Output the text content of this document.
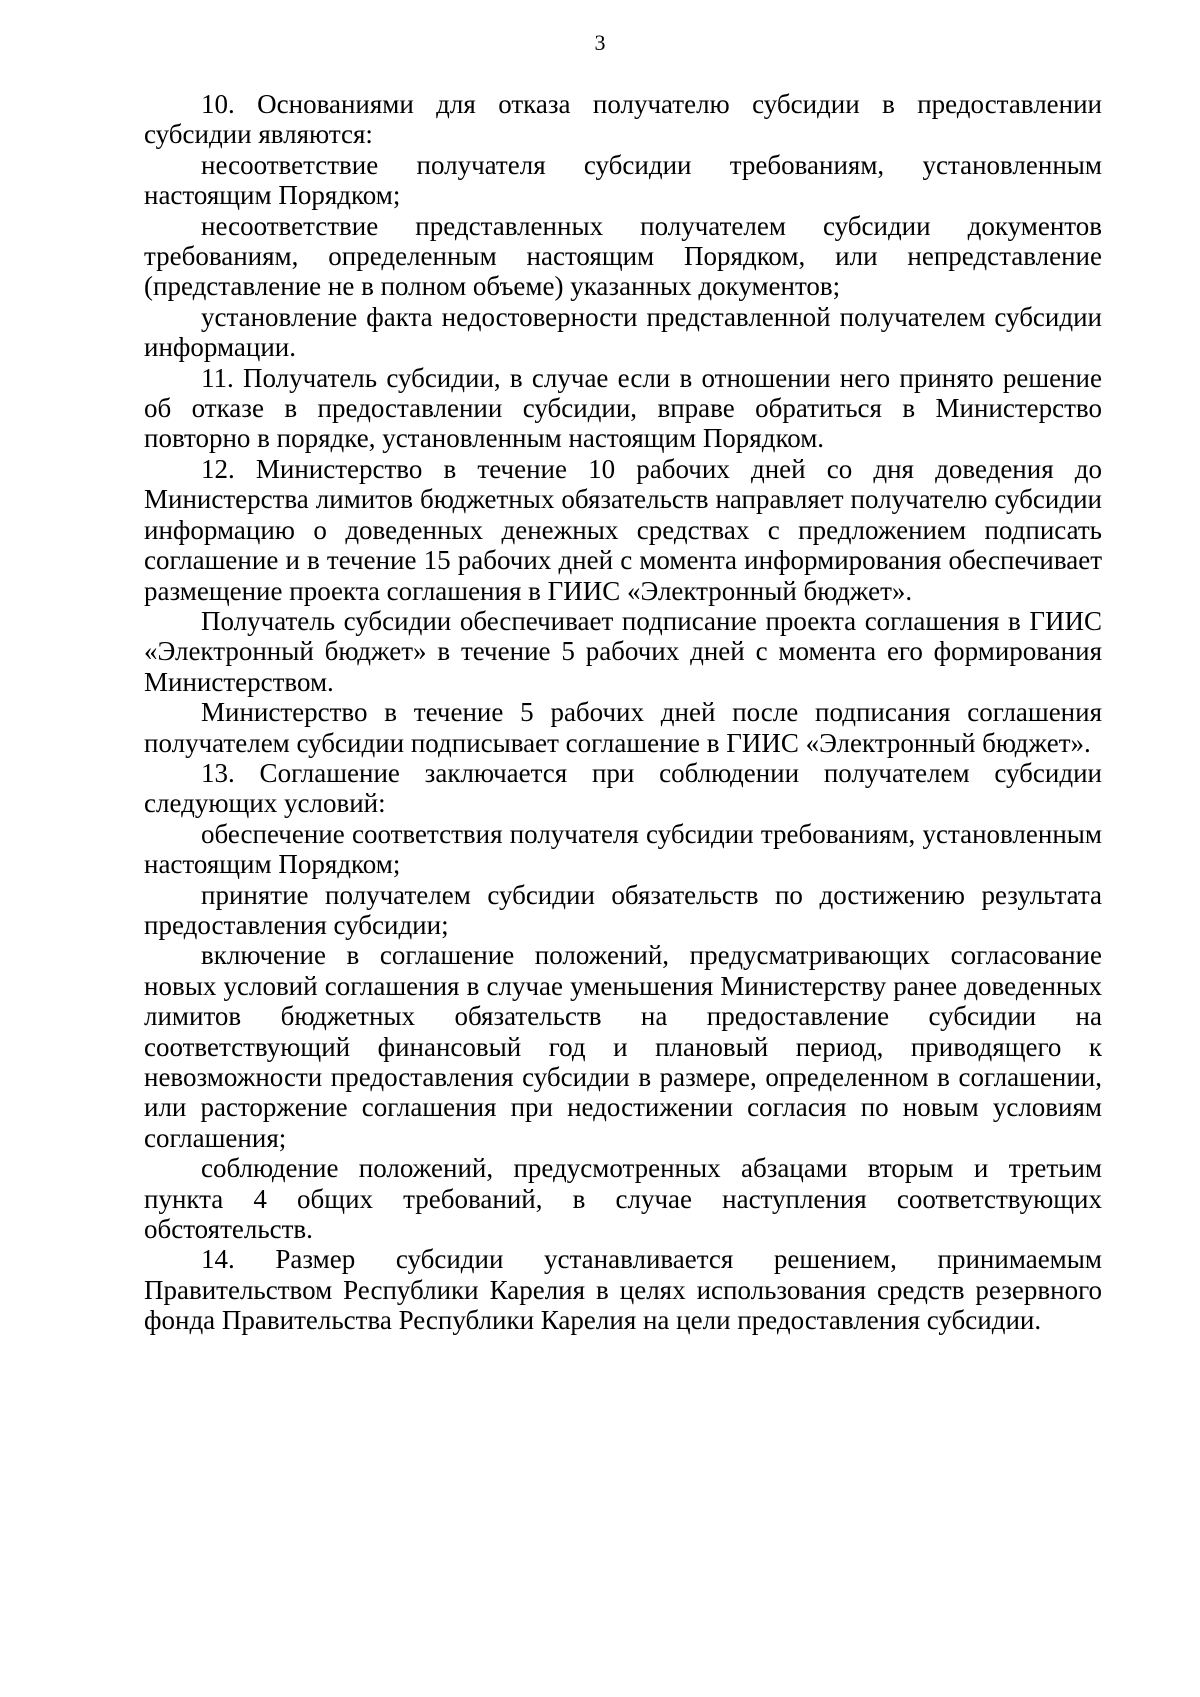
3

10. Основаниями для отказа получателю субсидии в предоставлении субсидии являются:

несоответствие получателя субсидии требованиям, установленным настоящим Порядком;

несоответствие представленных получателем субсидии документов требованиям, определенным настоящим Порядком, или непредставление (представление не в полном объеме) указанных документов;

установление факта недостоверности представленной получателем субсидии информации.

11. Получатель субсидии, в случае если в отношении него принято решение об отказе в предоставлении субсидии, вправе обратиться в Министерство повторно в порядке, установленным настоящим Порядком.

12. Министерство в течение 10 рабочих дней со дня доведения до Министерства лимитов бюджетных обязательств направляет получателю субсидии информацию о доведенных денежных средствах с предложением подписать соглашение и в течение 15 рабочих дней с момента информирования обеспечивает размещение проекта соглашения в ГИИС «Электронный бюджет».

Получатель субсидии обеспечивает подписание проекта соглашения в ГИИС «Электронный бюджет» в течение 5 рабочих дней с момента его формирования Министерством.

Министерство в течение 5 рабочих дней после подписания соглашения получателем субсидии подписывает соглашение в ГИИС «Электронный бюджет».

13. Соглашение заключается при соблюдении получателем субсидии следующих условий:

обеспечение соответствия получателя субсидии требованиям, установленным настоящим Порядком;

принятие получателем субсидии обязательств по достижению результата предоставления субсидии;

включение в соглашение положений, предусматривающих согласование новых условий соглашения в случае уменьшения Министерству ранее доведенных лимитов бюджетных обязательств на предоставление субсидии на соответствующий финансовый год и плановый период, приводящего к невозможности предоставления субсидии в размере, определенном в соглашении, или расторжение соглашения при недостижении согласия по новым условиям соглашения;

соблюдение положений, предусмотренных абзацами вторым и третьим пункта 4 общих требований, в случае наступления соответствующих обстоятельств.

14. Размер субсидии устанавливается решением, принимаемым Правительством Республики Карелия в целях использования средств резервного фонда Правительства Республики Карелия на цели предоставления субсидии.
